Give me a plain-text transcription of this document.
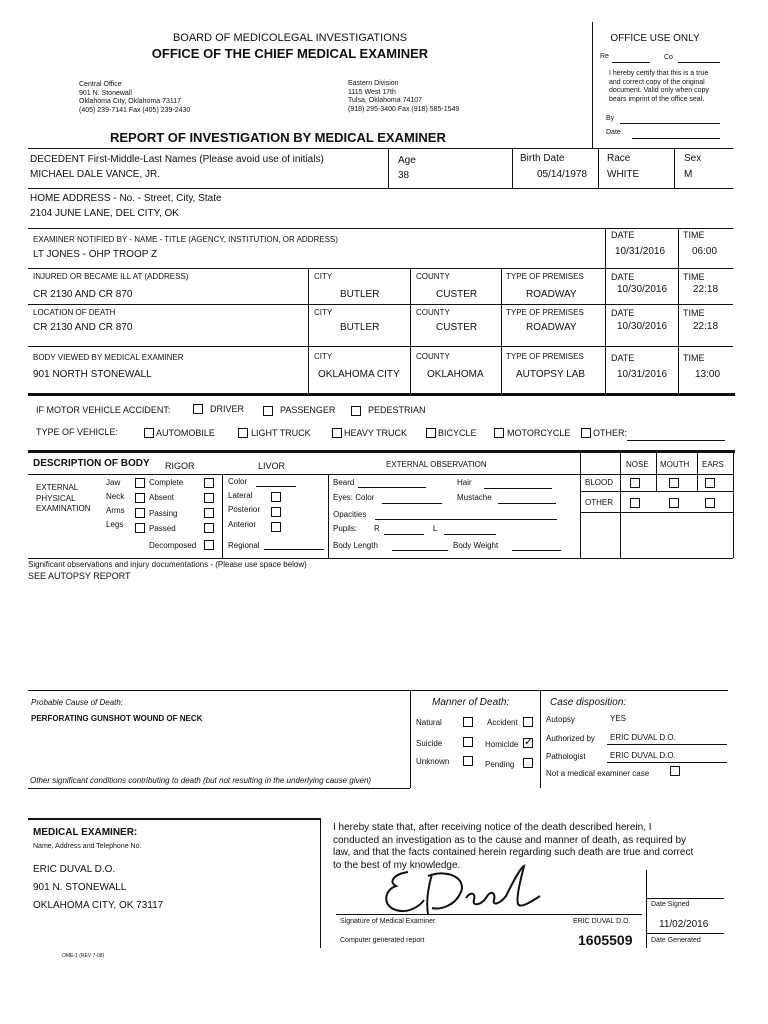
BOARD OF MEDICOLEGAL INVESTIGATIONS
OFFICE OF THE CHIEF MEDICAL EXAMINER
Central Office
901 N. Stonewall
Oklahoma City, Oklahoma 73117
(405) 239-7141 Fax (405) 239-2430
Eastern Division
1115 West 17th
Tulsa, Oklahoma 74107
(918) 295-3400 Fax (918) 585-1549
REPORT OF INVESTIGATION BY MEDICAL EXAMINER
OFFICE USE ONLY
Re	Co
I hereby certify that this is a true
and correct copy of the original
document. Valid only when copy
bears imprint of the office seal.
By
Date
DECEDENT First-Middle-Last Names (Please avoid use of initials)
MICHAEL DALE VANCE, JR.
Age
38
Birth Date
05/14/1978
Race
WHITE
Sex
M
HOME ADDRESS - No. - Street, City, State
2104 JUNE LANE, DEL CITY, OK
EXAMINER NOTIFIED BY - NAME - TITLE (AGENCY, INSTITUTION, OR ADDRESS)
LT JONES - OHP TROOP Z
DATE
10/31/2016
TIME
06:00
INJURED OR BECAME ILL AT (ADDRESS)
CR 2130 AND CR 870
CITY
BUTLER
COUNTY
CUSTER
TYPE OF PREMISES
ROADWAY
DATE
10/30/2016
TIME
22:18
LOCATION OF DEATH
CR 2130 AND CR 870
CITY
BUTLER
COUNTY
CUSTER
TYPE OF PREMISES
ROADWAY
DATE
10/30/2016
TIME
22:18
BODY VIEWED BY MEDICAL EXAMINER
901 NORTH STONEWALL
CITY
OKLAHOMA CITY
COUNTY
OKLAHOMA
TYPE OF PREMISES
AUTOPSY LAB
DATE
10/31/2016
TIME
13:00
IF MOTOR VEHICLE ACCIDENT:	DRIVER	PASSENGER	PEDESTRIAN
TYPE OF VEHICLE:	AUTOMOBILE	LIGHT TRUCK	HEAVY TRUCK	BICYCLE	MOTORCYCLE	OTHER:
DESCRIPTION OF BODY RIGOR	LIVOR	EXTERNAL OBSERVATION	NOSE MOUTH EARS
EXTERNAL
PHYSICAL
EXAMINATION
Jaw
Neck
Arms
Legs
Complete
Absent
Passing
Passed
Decomposed
Color
Lateral
Posterior
Anterior
Regional
Beard	Hair
Eyes: Color	Mustache
Opacities
Pupils: R	L
Body Length	Body Weight
BLOOD
OTHER
Significant observations and injury documentations - (Please use space below)
SEE AUTOPSY REPORT
Probable Cause of Death:
PERFORATING GUNSHOT WOUND OF NECK
Other significant conditions contributing to death (but not resulting in the underlying cause given)
Manner of Death:
Natural	Accident
Suicide	Homicide ✓
Unknown	Pending
Case disposition:
Autopsy	YES
Authorized by ERIC DUVAL D.O.
Pathologist	ERIC DUVAL D.O.
Not a medical examiner case
MEDICAL EXAMINER:
Name, Address and Telephone No.
ERIC DUVAL D.O.
901 N. STONEWALL
OKLAHOMA CITY, OK 73117
I hereby state that, after receiving notice of the death described herein, I
conducted an investigation as to the cause and manner of death, as required by
law, and that the facts contained herein regarding such death are true and correct
to the best of my knowledge.
Signature of Medical Examiner	ERIC DUVAL D.O.
Computer generated report	1605509
Date Signed
11/02/2016
Date Generated
OME-1 (REV 7-08)
